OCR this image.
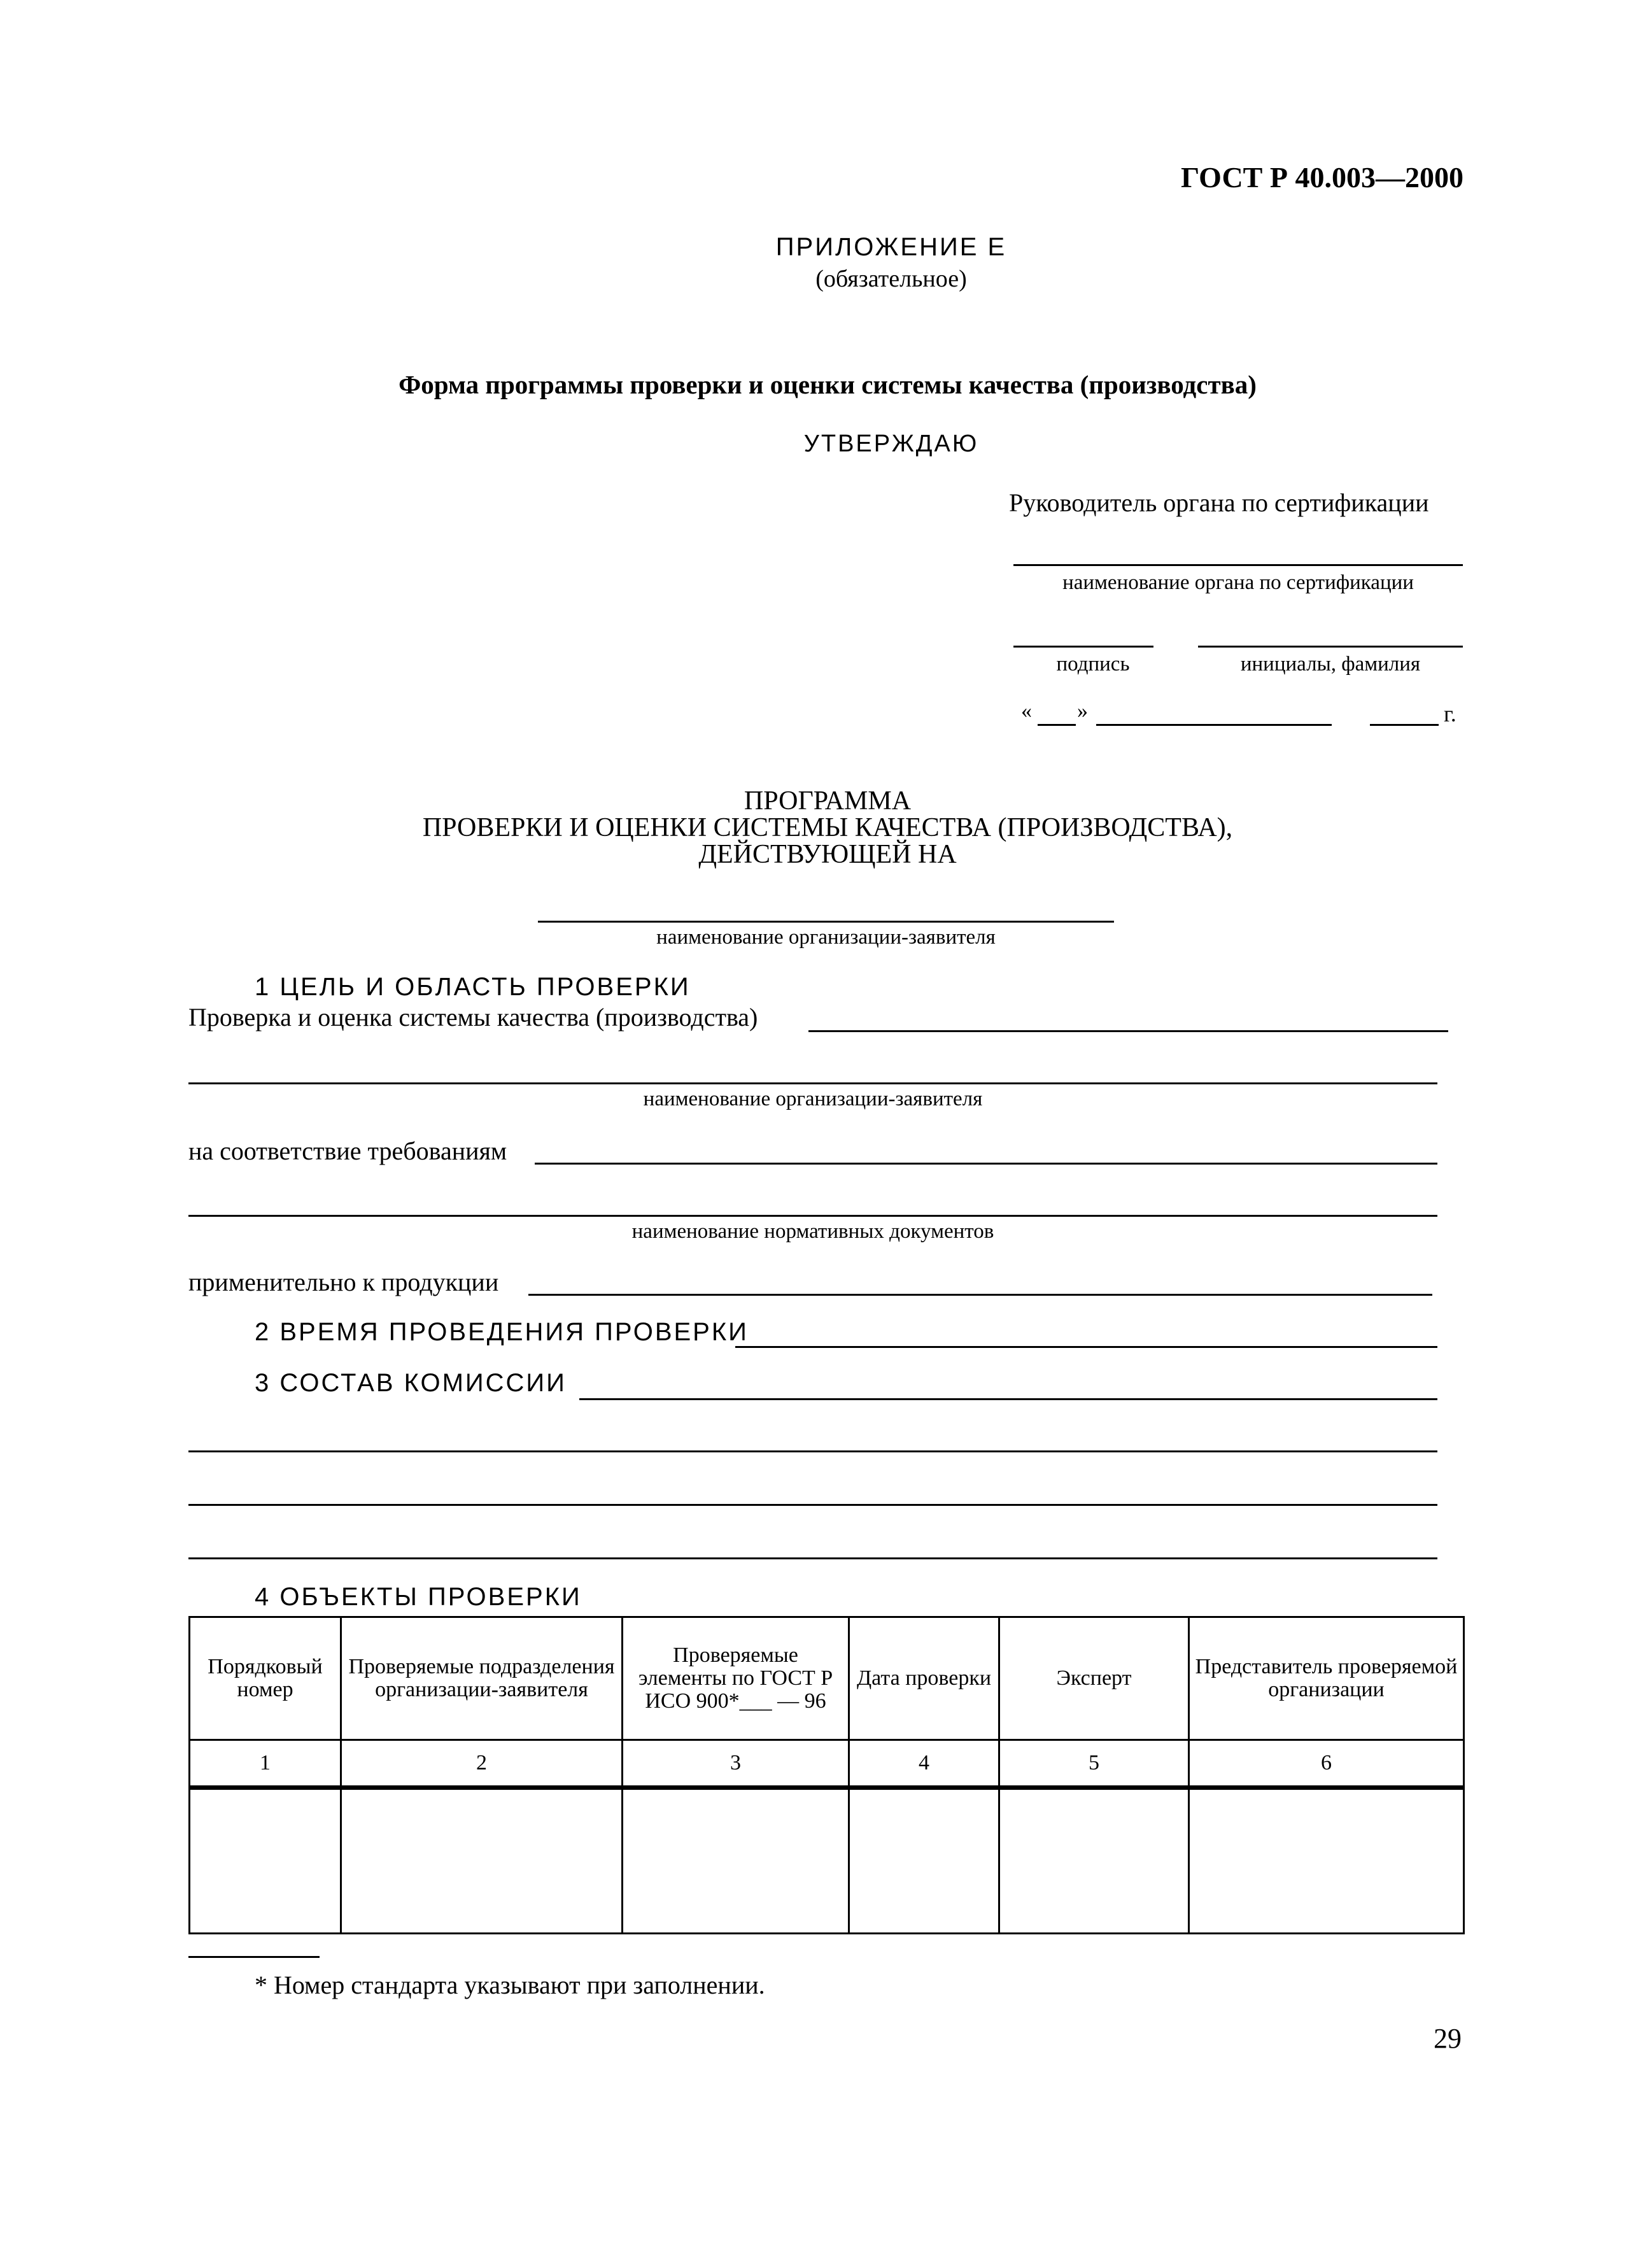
ГОСТ Р 40.003—2000
ПРИЛОЖЕНИЕ Е
(обязательное)
Форма программы проверки и оценки системы качества (производства)
УТВЕРЖДАЮ
Руководитель органа по сертификации
наименование органа по сертификации
подпись	инициалы, фамилия
« »	г.
ПРОГРАММА
ПРОВЕРКИ И ОЦЕНКИ СИСТЕМЫ КАЧЕСТВА (ПРОИЗВОДСТВА),
ДЕЙСТВУЮЩЕЙ НА
наименование организации-заявителя
1 ЦЕЛЬ И ОБЛАСТЬ ПРОВЕРКИ
Проверка и оценка системы качества (производства)
наименование организации-заявителя
на соответствие требованиям
наименование нормативных документов
применительно к продукции
2 ВРЕМЯ ПРОВЕДЕНИЯ ПРОВЕРКИ
3 СОСТАВ КОМИССИИ
4 ОБЪЕКТЫ ПРОВЕРКИ
Порядковый номер	Проверяемые подразделения организации-заявителя	Проверяемые элементы по ГОСТ Р ИСО 900*___ — 96	Дата проверки	Эксперт	Представитель проверяемой организации
1	2	3	4	5	6

* Номер стандарта указывают при заполнении.
29
